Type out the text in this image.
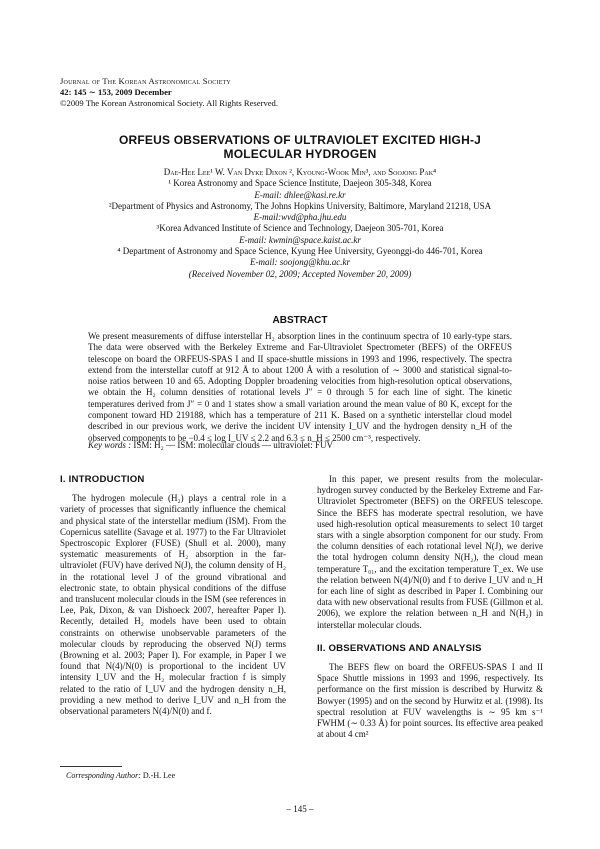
Journal of The Korean Astronomical Society
42: 145 ∼ 153, 2009 December
©2009 The Korean Astronomical Society. All Rights Reserved.
ORFEUS OBSERVATIONS OF ULTRAVIOLET EXCITED HIGH-J
MOLECULAR HYDROGEN
Dae-Hee Lee¹ W. Van Dyke Dixon ², Kyoung-Wook Min³, and Soojong Pak⁴
¹ Korea Astronomy and Space Science Institute, Daejeon 305-348, Korea
E-mail: dhlee@kasi.re.kr
²Department of Physics and Astronomy, The Johns Hopkins University, Baltimore, Maryland 21218, USA
E-mail:wvd@pha.jhu.edu
³Korea Advanced Institute of Science and Technology, Daejeon 305-701, Korea
E-mail: kwmin@space.kaist.ac.kr
⁴ Department of Astronomy and Space Science, Kyung Hee University, Gyeonggi-do 446-701, Korea
E-mail: soojong@khu.ac.kr
(Received November 02, 2009; Accepted November 20, 2009)
ABSTRACT
We present measurements of diffuse interstellar H₂ absorption lines in the continuum spectra of 10 early-type stars. The data were observed with the Berkeley Extreme and Far-Ultraviolet Spectrometer (BEFS) of the ORFEUS telescope on board the ORFEUS-SPAS I and II space-shuttle missions in 1993 and 1996, respectively. The spectra extend from the interstellar cutoff at 912 Å to about 1200 Å with a resolution of ∼ 3000 and statistical signal-to-noise ratios between 10 and 65. Adopting Doppler broadening velocities from high-resolution optical observations, we obtain the H₂ column densities of rotational levels J″ = 0 through 5 for each line of sight. The kinetic temperatures derived from J″ = 0 and 1 states show a small variation around the mean value of 80 K, except for the component toward HD 219188, which has a temperature of 211 K. Based on a synthetic interstellar cloud model described in our previous work, we derive the incident UV intensity I_UV and the hydrogen density n_H of the observed components to be −0.4 ≤ log I_UV ≤ 2.2 and 6.3 ≤ n_H ≤ 2500 cm⁻³, respectively.
Key words : ISM: H₂ — ISM: molecular clouds — ultraviolet: FUV
I. INTRODUCTION

The hydrogen molecule (H₂) plays a central role in a variety of processes that significantly influence the chemical and physical state of the interstellar medium (ISM). From the Copernicus satellite (Savage et al. 1977) to the Far Ultraviolet Spectroscopic Explorer (FUSE) (Shull et al. 2000), many systematic measurements of H₂ absorption in the far-ultraviolet (FUV) have derived N(J), the column density of H₂ in the rotational level J of the ground vibrational and electronic state, to obtain physical conditions of the diffuse and translucent molecular clouds in the ISM (see references in Lee, Pak, Dixon, & van Dishoeck 2007, hereafter Paper I). Recently, detailed H₂ models have been used to obtain constraints on otherwise unobservable parameters of the molecular clouds by reproducing the observed N(J) terms (Browning et al. 2003; Paper I). For example, in Paper I we found that N(4)/N(0) is proportional to the incident UV intensity I_UV and the H₂ molecular fraction f is simply related to the ratio of I_UV and the hydrogen density n_H, providing a new method to derive I_UV and n_H from the observational parameters N(4)/N(0) and f.

In this paper, we present results from the molecular-hydrogen survey conducted by the Berkeley Extreme and Far-Ultraviolet Spectrometer (BEFS) on the ORFEUS telescope. Since the BEFS has moderate spectral resolution, we have used high-resolution optical measurements to select 10 target stars with a single absorption component for our study. From the column densities of each rotational level N(J), we derive the total hydrogen column density N(H₂), the cloud mean temperature T₀₁, and the excitation temperature T_ex. We use the relation between N(4)/N(0) and f to derive I_UV and n_H for each line of sight as described in Paper I. Combining our data with new observational results from FUSE (Gillmon et al. 2006), we explore the relation between n_H and N(H₂) in interstellar molecular clouds.

II. OBSERVATIONS AND ANALYSIS

The BEFS flew on board the ORFEUS-SPAS I and II Space Shuttle missions in 1993 and 1996, respectively. Its performance on the first mission is described by Hurwitz & Bowyer (1995) and on the second by Hurwitz et al. (1998). Its spectral resolution at FUV wavelengths is ∼ 95 km s⁻¹ FWHM (∼ 0.33 Å) for point sources. Its effective area peaked at about 4 cm²

Corresponding Author: D.-H. Lee
– 145 –
